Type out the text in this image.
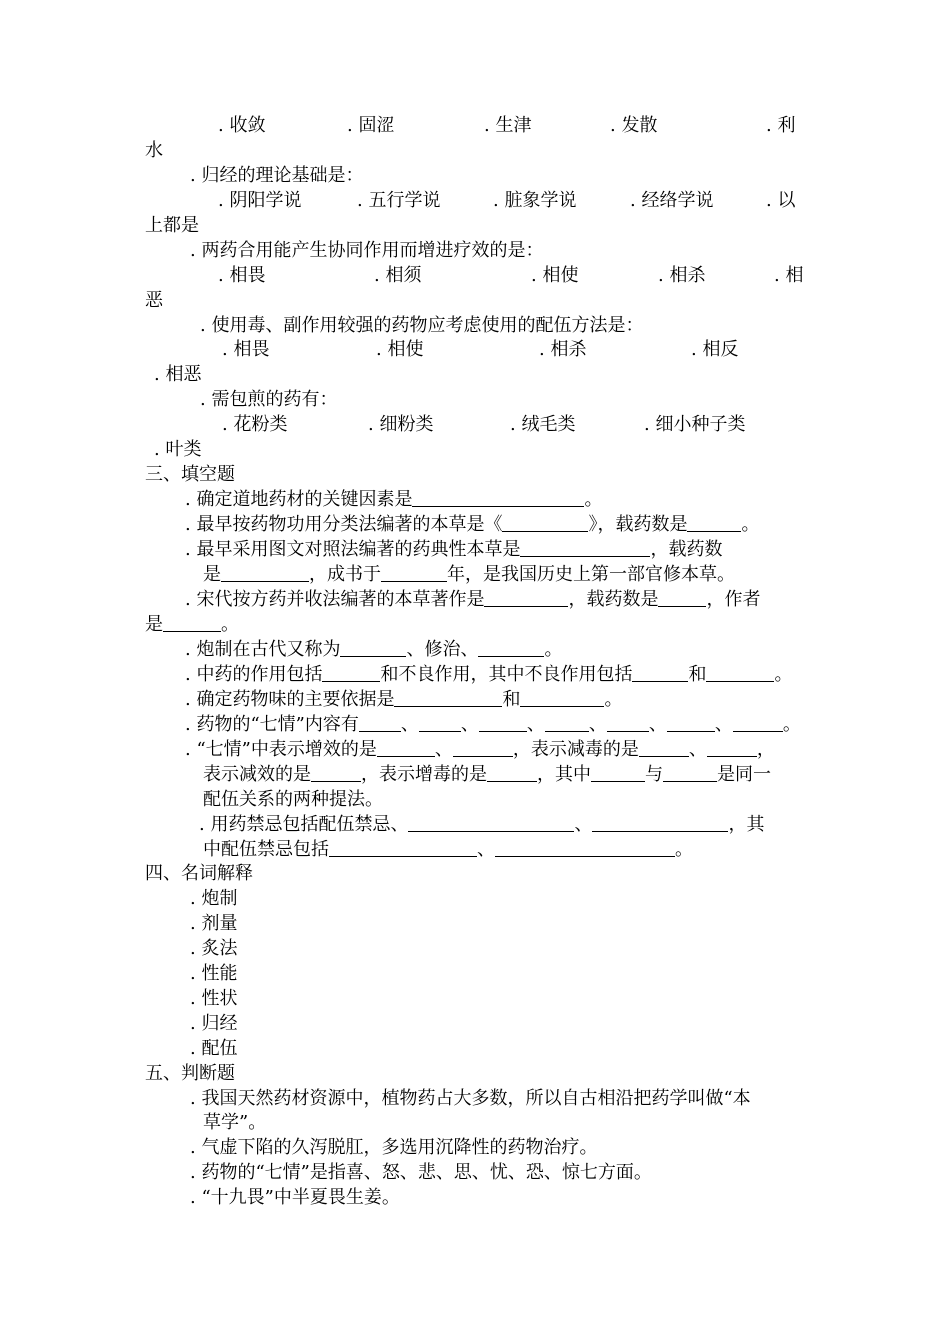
. 收敛	. 固涩	. 生津	. 发散	. 利
水
. 归经的理论基础是：
. 阴阳学说	. 五行学说	. 脏象学说	. 经络学说	. 以
上都是
. 两药合用能产生协同作用而增进疗效的是：
. 相畏	. 相须	. 相使	. 相杀	. 相
恶
. 使用毒、副作用较强的药物应考虑使用的配伍方法是：
. 相畏	. 相使	. 相杀	. 相反
. 相恶
. 需包煎的药有：
. 花粉类	. 细粉类	. 绒毛类	. 细小种子类
. 叶类
三、填空题
. 确定道地药材的关键因素是	。
. 最早按药物功用分类法编著的本草是《	》，载药数是	。
. 最早采用图文对照法编著的药典性本草是	，载药数
是	，成书于	年，是我国历史上第一部官修本草。
. 宋代按方药并收法编著的本草著作是	，载药数是	，作者
是	。
. 炮制在古代又称为	、修治、	。
. 中药的作用包括	和不良作用，其中不良作用包括	和	。
. 确定药物味的主要依据是	和	。
. 药物的“七情”内容有 、 、	、 、 、	、	。
. “七情”中表示增效的是	、	，表示减毒的是	、	，
表示减效的是	，表示增毒的是	，其中	与	是同一
配伍关系的两种提法。
. 用药禁忌包括配伍禁忌、	、	，其
中配伍禁忌包括	、	。
四、名词解释
. 炮制
. 剂量
. 炙法
. 性能
. 性状
. 归经
. 配伍
五、判断题
. 我国天然药材资源中，植物药占大多数，所以自古相沿把药学叫做“本
草学”。
. 气虚下陷的久泻脱肛，多选用沉降性的药物治疗。
. 药物的“七情”是指喜、怒、悲、思、忧、恐、惊七方面。
. “十九畏”中半夏畏生姜。
